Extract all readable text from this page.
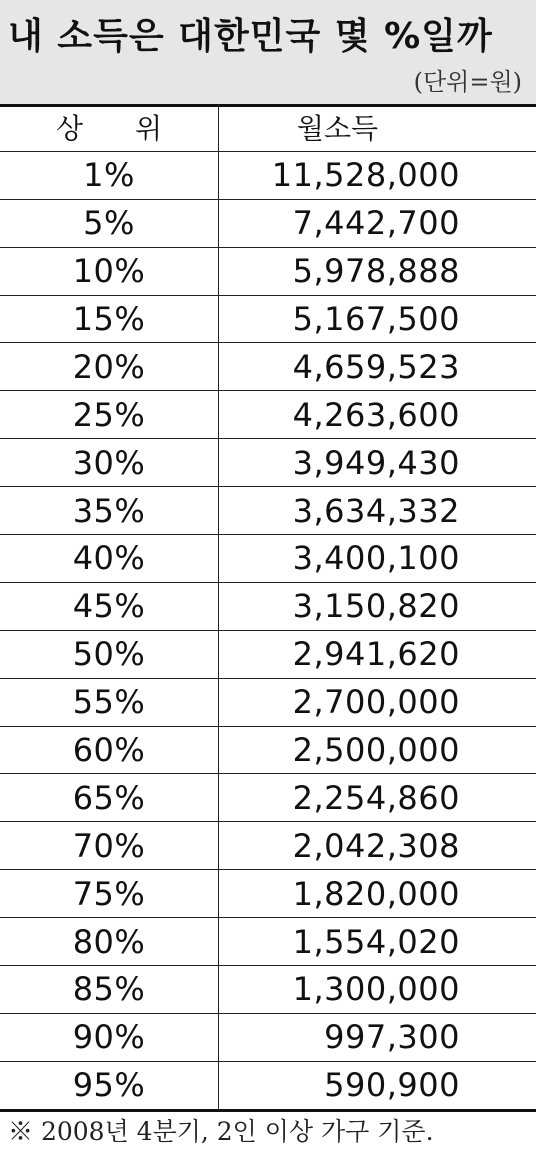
내 소득은 대한민국 몇 %일까
(단위=원)
상 위	월소득
1%	11,528,000
5%	7,442,700
10%	5,978,888
15%	5,167,500
20%	4,659,523
25%	4,263,600
30%	3,949,430
35%	3,634,332
40%	3,400,100
45%	3,150,820
50%	2,941,620
55%	2,700,000
60%	2,500,000
65%	2,254,860
70%	2,042,308
75%	1,820,000
80%	1,554,020
85%	1,300,000
90%	997,300
95%	590,900
※ 2008년 4분기, 2인 이상 가구 기준.
